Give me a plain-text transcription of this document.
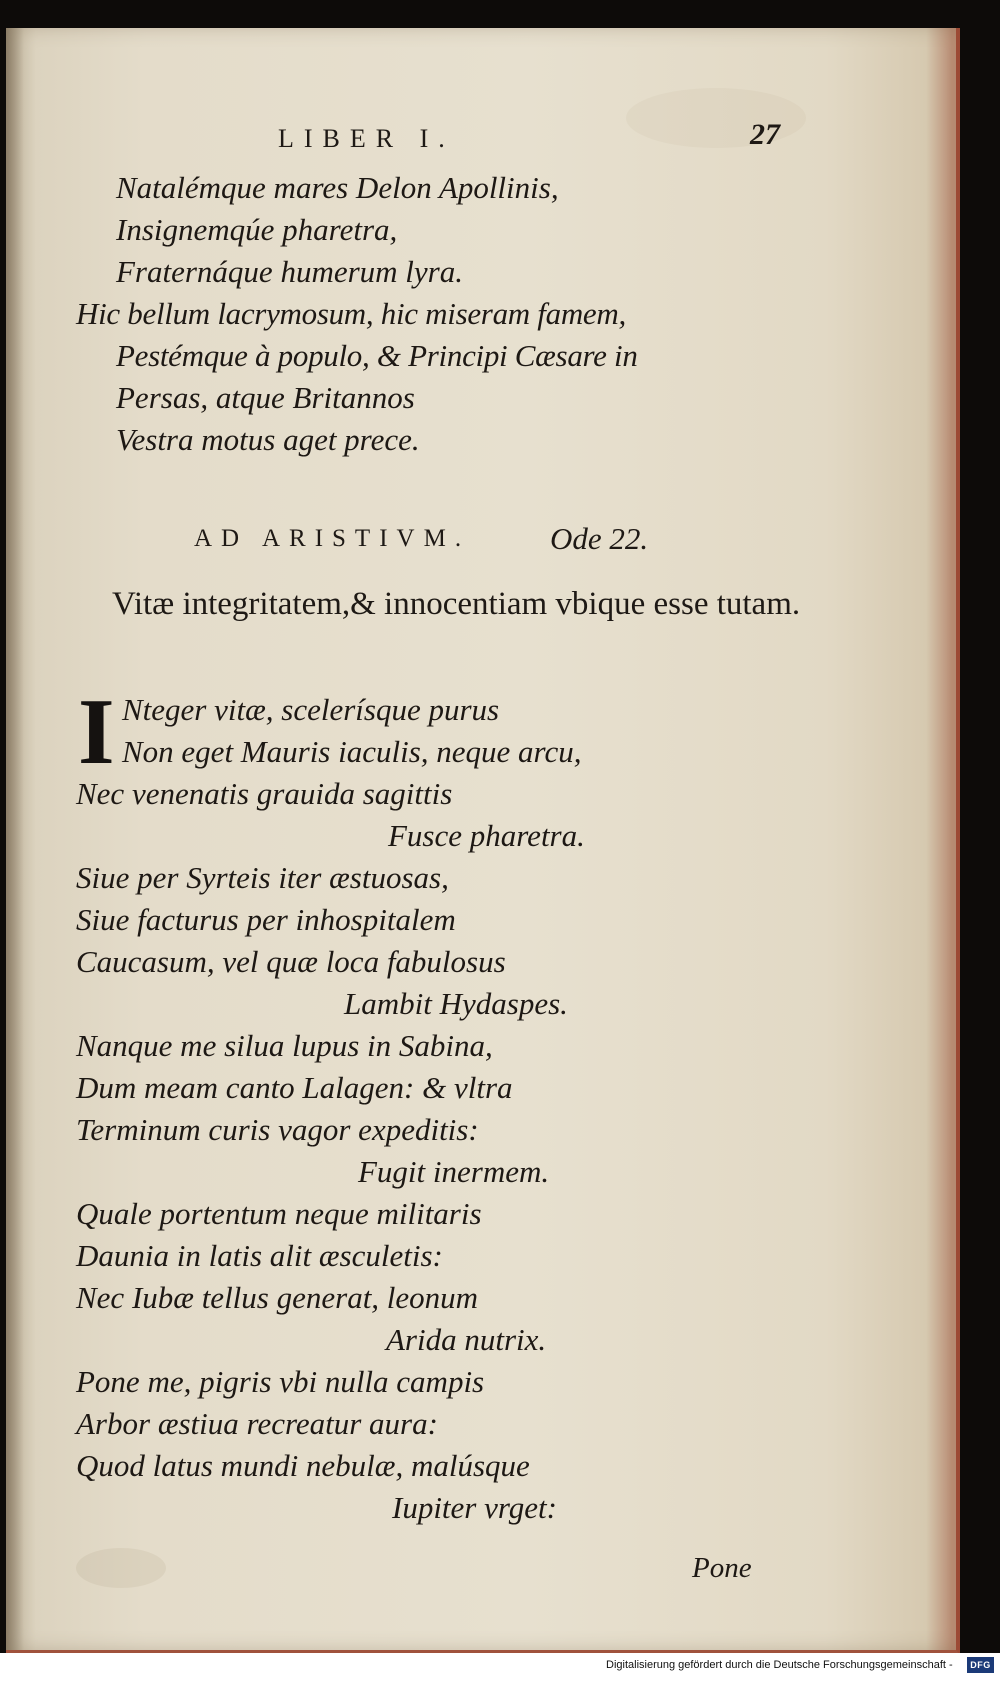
LIBER I.	27
Natalémque mares Delon Apollinis,
Insignemqúe pharetra,
Fraternáque humerum lyra.
Hic bellum lacrymosum, hic miseram famem,
Pestémque à populo, & Principi Cæsare in
Persas, atque Britannos
Vestra motus aget prece.
AD ARISTIVM.	Ode 22.
Vitæ integritatem,& innocentiam vbique esse tutam.
I Nteger vitæ, scelerísque purus
Non eget Mauris iaculis, neque arcu,
Nec venenatis grauida sagittis
Fusce pharetra.
Siue per Syrteis iter æstuosas,
Siue facturus per inhospitalem
Caucasum, vel quæ loca fabulosus
Lambit Hydaspes.
Nanque me silua lupus in Sabina,
Dum meam canto Lalagen: & vltra
Terminum curis vagor expeditis:
Fugit inermem.
Quale portentum neque militaris
Daunia in latis alit æsculetis:
Nec Iubæ tellus generat, leonum
Arida nutrix.
Pone me, pigris vbi nulla campis
Arbor æstiua recreatur aura:
Quod latus mundi nebulæ, malúsque
Iupiter vrget:
Pone
Digitalisierung gefördert durch die Deutsche Forschungsgemeinschaft -	DFG
